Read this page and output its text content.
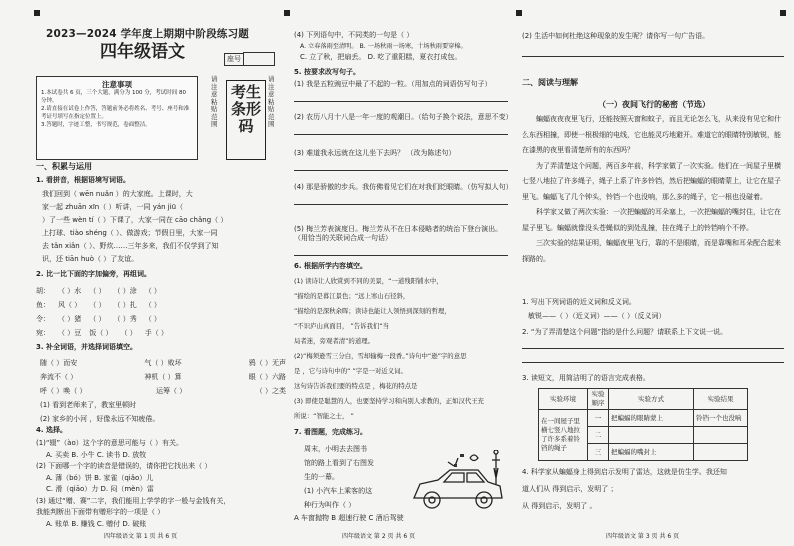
2023—2024 学年度上期期中阶段练习题
四年级语文	座号
注意事项
1.本试卷共 6 页，三个大题，满分为 100 分，考试时间 80 分钟。
2.请直接在试卷上作答，答题前务必将姓名、考号、座号和准考证号填写在指定位置上。
3.答题时，字迹工整，书写规范，卷面整洁。
请注意粘贴范围
考生条形码
请注意粘贴范围
一、积累与运用
1. 看拼音，根据语境写词语。
我们回到（ wēn nuǎn ）的大家庭。上课时，大
家一起 zhuān xīn（ ）听讲，一同 yán jiū（
）了一些 wèn tí（ ）下课了，大家一同在 cāo chǎng（ ）
上打球、tiào shéng（ ）、做游戏；节假日里，大家一同
去 tǎn xiǎn（ ）、野炊……三年多来，我们不仅学到了知
识，还 tiān huò（ ）了友谊。
2. 比一比下面的字加偏旁，再组词。
胡： （ ）水 （ ） （ ）涂 （ ）
鱼： 风（ ） （ ） （ ）扎 （ ）
令： （ ）猪 （ ） （ ）秀 （ ）
宛： （ ）豆 饭（ ） （ ） 手（ ）
3. 补全词语，并选择词语填空。
随（ ）而安	气（ ）败坏	鸦（ ）无声
奔流不（ ）	神机（ ）算	眼（ ）六路
呼（ ）唤（ ）	运筹（ ）	（ ）之类
(1) 看到老师来了，教室里顿时
(2) 家乡的小河 ，好像永远不知疲倦。
4. 选择。
(1)“辍”（ào）这个字的意思可能与（ ）有关。
A. 买卖 B. 小牛 C. 读书 D. 放牧
(2) 下面哪一个字的读音是错误的，请你把它找出来（ ）
A. 薄（bó）饼 B. 家雀（qiǎo）儿
C. 滑（qiāo）力 D. 闷（mèn）雷
(3) 通过“赠、赛”二字，我们能用上学学的字一般与金钱有关，
我能判断出下面带有赠形字的一项是（ ）
A. 账单 B. 赚钱 C. 赠付 D. 破账
四年级语文 第 1 页 共 6 页
(4) 下列语句中，不同类的一句是（ ）
A. 立春落雨至清明。 B. 一场秋雨一场寒，十场秋雨要穿棉。
C. 立了秋，把扇丢。 D. 吃了重阳糕，夏衣打成包。
5. 按要求改写句子。
(1) 我是五粒豌豆中最了不起的一粒。（用加点的词语仿写句子）
(2) 农历八月十八是一年一度的观潮日。（给句子换个说法，意思不变）
(3) 难道我永远就在这儿坐下去吗？ （改为陈述句）
(4) 那是骄傲的步兵。我仿佛看见它们在对我们眨眼睛。（仿写拟人句）
(5) 梅兰芳表演度日。梅兰芳从不在日本侵略者的统治下登台演出。（用恰当的关联词合成一句话）
6. 根据所学内容填空。
(1) 读诗让人欣赏到不同的美景，“一道残阳铺水中，
”描绘的是暮江景色；“远上寒山石径斜，
”描绘的是深秋余晖；读诗也能让人领悟到深刻的哲理，
“不识庐山真面目， ”告诉我们“当
局者迷，旁观者清”的道理。
(2)“梅须逊雪三分白，雪却输梅一段香。”诗句中“逊”字的意思
是 ，它与诗句中的“ ”字是一对近义词。
这句诗告诉我们要的特点是 ，梅花的特点是
(3) 即使是聪慧的人，也要坚持学习和向别人求教的，正如汉代王充
所说：“智能之士， ”
7. 看图题，完成练习。
周末，小明去去图书
馆的路上看到了右图发
生的一幕。
(1) 小汽车上乘客的这
种行为叫作（ ）
A 车窗抛物 B 超速行驶 C 酒后驾驶
四年级语文 第 2 页 共 6 页
(2) 生活中如何杜绝这种现象的发生呢？请你写一句广告语。
二、阅读与理解
（一）夜间飞行的秘密（节选）
蝙蝠夜夜夜里飞行，还能按照天窗和蚊子，而且无论怎么飞，从来没有见它和什么东西相撞，即使一根极细的电线，它也能灵巧地避开。难道它的眼睛特别敏锐，能在漆黑的夜里看清楚所有的东西吗？
为了弄清楚这个问题，两百多年前，科学家做了一次实验。他们在一间屋子里横七竖八地拉了许多绳子，绳子上系了许多铃铛，然后把蝙蝠的眼睛蒙上，让它在屋子里飞。蝙蝠飞了几个钟头，铃铛一个也没响，那么多的绳子，它一根也没碰着。
科学家又做了两次实验：一次把蝙蝠的耳朵塞上，一次把蝙蝠的嘴封住，让它在屋子里飞。蝙蝠就像没头苍蝇似的到处乱撞，挂在绳子上的铃铛响个不停。
三次实验的结果证明，蝙蝠夜里飞行，靠的不是眼睛，而是靠嘴和耳朵配合起来探路的。
1. 写出下列词语的近义词和反义词。
敏锐——（ ）（近义词）——（ ）（反义词）
2. “为了弄清楚这个问题”指的是什么问题？请联系上下文说一说。
3. 读短文，用简洁明了的语言完成表格。
实验环境	实验顺序	实验方式	实验结果
在一间屋子里横七竖八地拉了许多系着铃铛的绳子	一	把蝙蝠的眼睛蒙上	铃铛一个也没响
	二		
	三	把蝙蝠的嘴封上	
4. 科学家从蝙蝠身上得到启示发明了雷达，这就是仿生学。我还知
道人们从 得到启示，发明了 ；
从 得到启示，发明了 。
四年级语文 第 3 页 共 6 页
